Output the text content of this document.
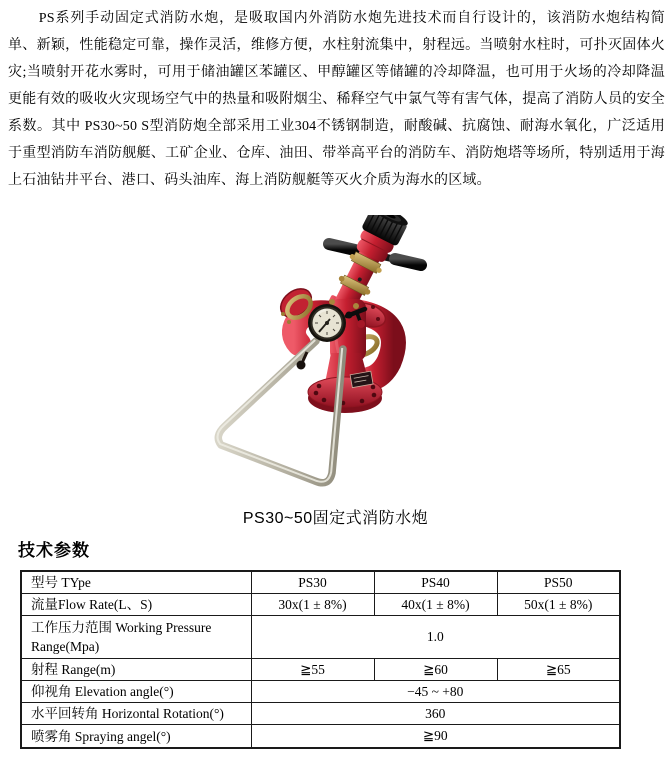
PS系列手动固定式消防水炮，是吸取国内外消防水炮先进技术而自行设计的，该消防水炮结构简单、新颖，性能稳定可靠，操作灵活，维修方便，水柱射流集中，射程远。当喷射水柱时，可扑灭固体火灾;当喷射开花水雾时，可用于储油罐区苯罐区、甲醇罐区等储罐的冷却降温，也可用于火场的冷却降温 更能有效的吸收火灾现场空气中的热量和吸附烟尘、稀释空气中氯气等有害气体，提高了消防人员的安全系数。其中 PS30~50 S型消防炮全部采用工业304不锈钢制造，耐酸碱、抗腐蚀、耐海水氧化，广泛适用于重型消防车消防舰艇、工矿企业、仓库、油田、带举高平台的消防车、消防炮塔等场所，特别适用于海上石油钻井平台、港口、码头油库、海上消防舰艇等灭火介质为海水的区域。

PS30~50固定式消防水炮
技术参数
型号 TYpe	PS30	PS40	PS50
流量Flow Rate(L、S)	30x(1 ± 8%)	40x(1 ± 8%)	50x(1 ± 8%)
工作压力范围 Working Pressure Range(Mpa)	1.0		
射程 Range(m)	≧55	≧60	≧65
仰视角 Elevation angle(°)	−45 ~ +80		
水平回转角 Horizontal Rotation(°)	360		
喷雾角 Spraying angel(°)	≧90		
